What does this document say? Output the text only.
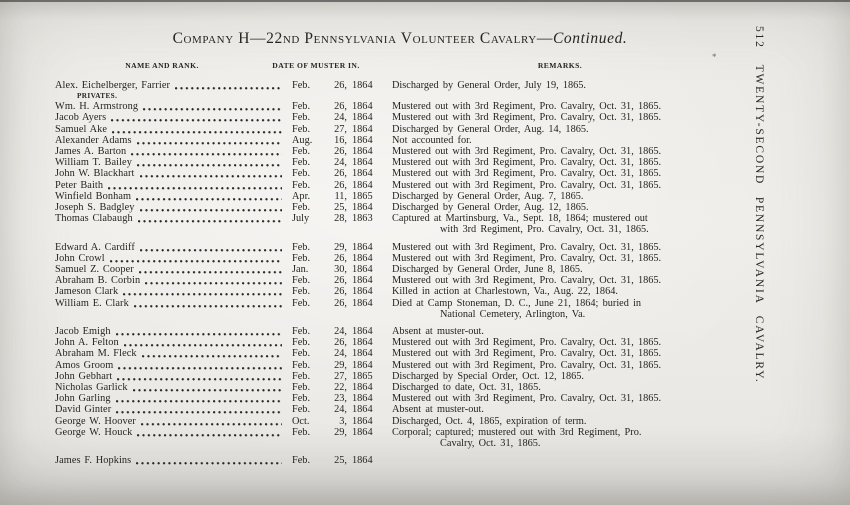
Company H—22nd Pennsylvania Volunteer Cavalry—Continued.
*
NAME AND RANK.	DATE OF MUSTER IN.	REMARKS.
Alex. Eichelberger, Farrier	Feb.	26, 1864 Discharged by General Order, July 19, 1865.
PRIVATES.
Wm. H. Armstrong	Feb.	26, 1864 Mustered out with 3rd Regiment, Pro. Cavalry, Oct. 31, 1865.
Jacob Ayers	Feb.	24, 1864 Mustered out with 3rd Regiment, Pro. Cavalry, Oct. 31, 1865.
Samuel Ake	Feb.	27, 1864 Discharged by General Order, Aug. 14, 1865.
Alexander Adams	Aug.	16, 1864 Not accounted for.
James A. Barton	Feb.	26, 1864 Mustered out with 3rd Regiment, Pro. Cavalry, Oct. 31, 1865.
William T. Bailey	Feb.	24, 1864 Mustered out with 3rd Regiment, Pro. Cavalry, Oct. 31, 1865.
John W. Blackhart	Feb.	26, 1864 Mustered out with 3rd Regiment, Pro. Cavalry, Oct. 31, 1865.
Peter Baith	Feb.	26, 1864 Mustered out with 3rd Regiment, Pro. Cavalry, Oct. 31, 1865.
Winfield Bonham	Apr.	11, 1865 Discharged by General Order, Aug. 7, 1865.
Joseph S. Badgley	Feb.	25, 1864 Discharged by General Order, Aug. 12, 1865.
Thomas Clabaugh	July	28, 1863 Captured at Martinsburg, Va., Sept. 18, 1864; mustered out
with 3rd Regiment, Pro. Cavalry, Oct. 31, 1865.
Edward A. Cardiff	Feb.	29, 1864 Mustered out with 3rd Regiment, Pro. Cavalry, Oct. 31, 1865.
John Crowl	Feb.	26, 1864 Mustered out with 3rd Regiment, Pro. Cavalry, Oct. 31, 1865.
Samuel Z. Cooper	Jan.	30, 1864 Discharged by General Order, June 8, 1865.
Abraham B. Corbin	Feb.	26, 1864 Mustered out with 3rd Regiment, Pro. Cavalry, Oct. 31, 1865.
Jameson Clark	Feb.	26, 1864 Killed in action at Charlestown, Va., Aug. 22, 1864.
William E. Clark	Feb.	26, 1864 Died at Camp Stoneman, D. C., June 21, 1864; buried in
National Cemetery, Arlington, Va.
Jacob Emigh	Feb.	24, 1864 Absent at muster-out.
John A. Felton	Feb.	26, 1864 Mustered out with 3rd Regiment, Pro. Cavalry, Oct. 31, 1865.
Abraham M. Fleck	Feb.	24, 1864 Mustered out with 3rd Regiment, Pro. Cavalry, Oct. 31, 1865.
Amos Groom	Feb.	29, 1864 Mustered out with 3rd Regiment, Pro. Cavalry, Oct. 31, 1865.
John Gebhart	Feb.	27, 1865 Discharged by Special Order, Oct. 12, 1865.
Nicholas Garlick	Feb.	22, 1864 Discharged to date, Oct. 31, 1865.
John Garling	Feb.	23, 1864 Mustered out with 3rd Regiment, Pro. Cavalry, Oct. 31, 1865.
David Ginter	Feb.	24, 1864 Absent at muster-out.
George W. Hoover	Oct.	3, 1864 Discharged, Oct. 4, 1865, expiration of term.
George W. Houck	Feb.	29, 1864 Corporal; captured; mustered out with 3rd Regiment, Pro.
Cavalry, Oct. 31, 1865.
James F. Hopkins	Feb.	25, 1864
512TWENTY-SECOND PENNSYLVANIA CAVALRY.
